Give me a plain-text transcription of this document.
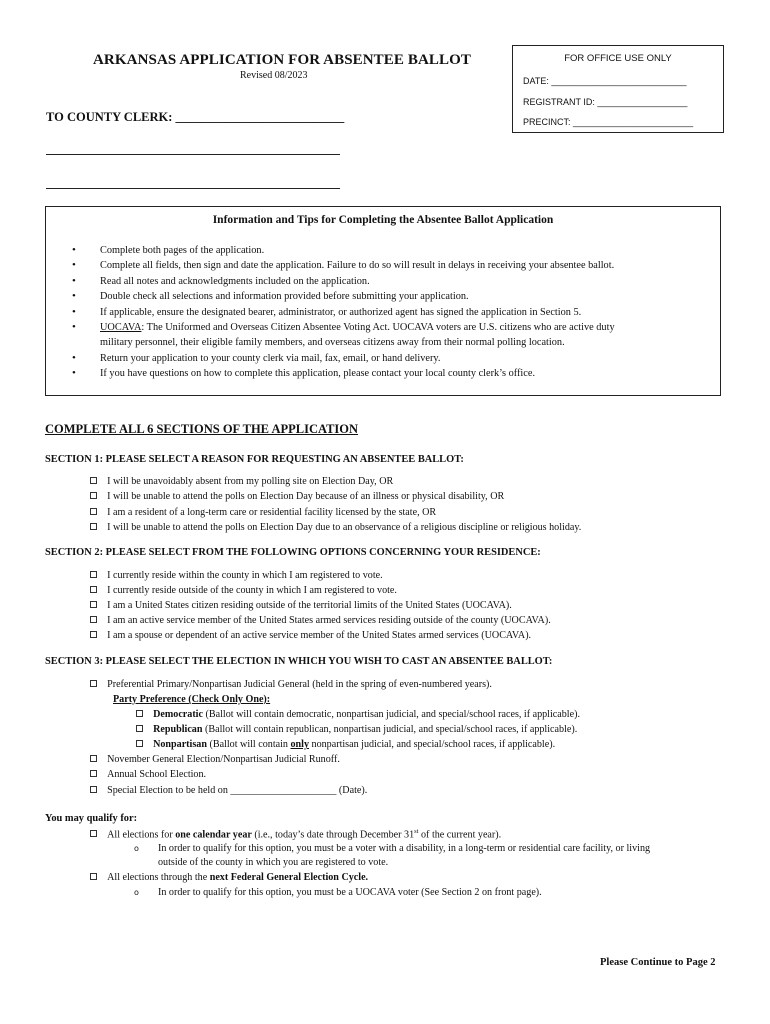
ARKANSAS APPLICATION FOR ABSENTEE BALLOT
Revised 08/2023
FOR OFFICE USE ONLY
DATE: ___________________________
REGISTRANT ID: __________________
PRECINCT: ________________________
TO COUNTY CLERK: ___________________________
Information and Tips for Completing the Absentee Ballot Application
• Complete both pages of the application.
• Complete all fields, then sign and date the application. Failure to do so will result in delays in receiving your absentee ballot.
• Read all notes and acknowledgments included on the application.
• Double check all selections and information provided before submitting your application.
• If applicable, ensure the designated bearer, administrator, or authorized agent has signed the application in Section 5.
• UOCAVA: The Uniformed and Overseas Citizen Absentee Voting Act. UOCAVA voters are U.S. citizens who are active duty
military personnel, their eligible family members, and overseas citizens away from their normal polling location.
• Return your application to your county clerk via mail, fax, email, or hand delivery.
• If you have questions on how to complete this application, please contact your local county clerk’s office.
COMPLETE ALL 6 SECTIONS OF THE APPLICATION
SECTION 1: PLEASE SELECT A REASON FOR REQUESTING AN ABSENTEE BALLOT:
I will be unavoidably absent from my polling site on Election Day, OR
I will be unable to attend the polls on Election Day because of an illness or physical disability, OR
I am a resident of a long-term care or residential facility licensed by the state, OR
I will be unable to attend the polls on Election Day due to an observance of a religious discipline or religious holiday.
SECTION 2: PLEASE SELECT FROM THE FOLLOWING OPTIONS CONCERNING YOUR RESIDENCE:
I currently reside within the county in which I am registered to vote.
I currently reside outside of the county in which I am registered to vote.
I am a United States citizen residing outside of the territorial limits of the United States (UOCAVA).
I am an active service member of the United States armed services residing outside of the county (UOCAVA).
I am a spouse or dependent of an active service member of the United States armed services (UOCAVA).
SECTION 3: PLEASE SELECT THE ELECTION IN WHICH YOU WISH TO CAST AN ABSENTEE BALLOT:
Preferential Primary/Nonpartisan Judicial General (held in the spring of even-numbered years).
Party Preference (Check Only One):
Democratic (Ballot will contain democratic, nonpartisan judicial, and special/school races, if applicable).
Republican (Ballot will contain republican, nonpartisan judicial, and special/school races, if applicable).
Nonpartisan (Ballot will contain only nonpartisan judicial, and special/school races, if applicable).
November General Election/Nonpartisan Judicial Runoff.
Annual School Election.
Special Election to be held on _____________________ (Date).
You may qualify for:
All elections for one calendar year (i.e., today’s date through December 31st of the current year).
o In order to qualify for this option, you must be a voter with a disability, in a long-term or residential care facility, or living
outside of the county in which you are registered to vote.
All elections through the next Federal General Election Cycle.
o In order to qualify for this option, you must be a UOCAVA voter (See Section 2 on front page).
Please Continue to Page 2
